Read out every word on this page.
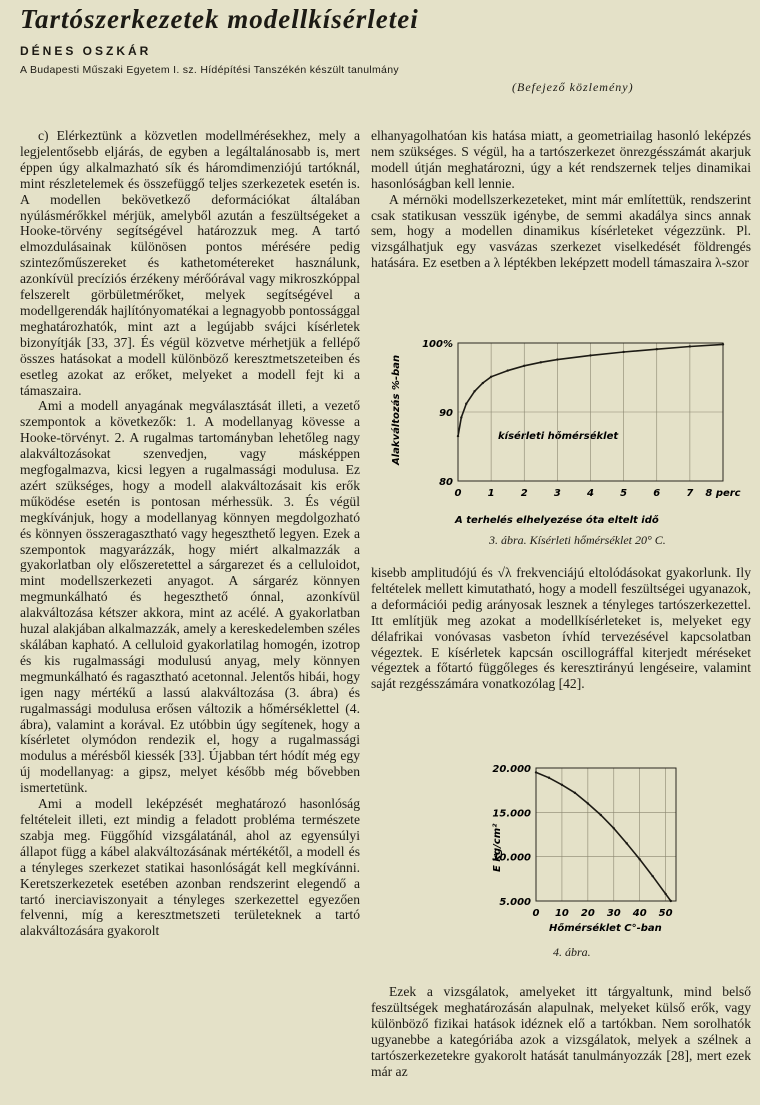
Tartószerkezetek modellkísérletei
DÉNES OSZKÁR
A Budapesti Műszaki Egyetem I. sz. Hídépítési Tanszékén készült tanulmány
(Befejező közlemény)

c) Elérkeztünk a közvetlen modellmérésekhez, mely a legjelentősebb eljárás, de egyben a legáltalánosabb is, mert éppen úgy alkalmazható sík és háromdimenziójú tartóknál, mint részletelemek és összefüggő teljes szerkezetek esetén is. A modellen bekövetkező deformációkat általában nyúlásmérőkkel mérjük, amelyből azután a feszültségeket a Hooke-törvény segítségével határozzuk meg. A tartó elmozdulásainak különösen pontos mérésére pedig szintezőműszereket és kathetométereket használunk, azonkívül precíziós érzékeny mérőórával vagy mikroszkóppal felszerelt görbületmérőket, melyek segítségével a modellgerendák hajlítónyomatékai a legnagyobb pontossággal meghatározhatók, mint azt a legújabb svájci kísérletek bizonyítják [33, 37]. És végül közvetve mérhetjük a fellépő összes hatásokat a modell különböző keresztmetszeteiben és esetleg azokat az erőket, melyeket a modell fejt ki a támaszaira.

Ami a modell anyagának megválasztását illeti, a vezető szempontok a következők: 1. A modellanyag kövesse a Hooke-törvényt. 2. A rugalmas tartományban lehetőleg nagy alakváltozásokat szenvedjen, vagy másképpen megfogalmazva, kicsi legyen a rugalmassági modulusa. Ez azért szükséges, hogy a modell alakváltozásait kis erők működése esetén is pontosan mérhessük. 3. És végül megkívánjuk, hogy a modellanyag könnyen megdolgozható és könnyen összeragasztható vagy hegeszthető legyen. Ezek a szempontok magyarázzák, hogy miért alkalmazzák a gyakorlatban oly előszeretettel a sárgarezet és a celluloidot, mint modellszerkezeti anyagot. A sárgaréz könnyen megmunkálható és hegeszthető ónnal, azonkívül alakváltozása kétszer akkora, mint az acélé. A gyakorlatban huzal alakjában alkalmazzák, amely a kereskedelemben széles skálában kapható. A celluloid gyakorlatilag homogén, izotrop és kis rugalmassági modulusú anyag, mely könnyen megmunkálható és ragasztható acetonnal. Jelentős hibái, hogy igen nagy mértékű a lassú alakváltozása (3. ábra) és rugalmassági modulusa erősen változik a hőmérséklettel (4. ábra), valamint a korával. Ez utóbbin úgy segítenek, hogy a kísérletet olymódon rendezik el, hogy a rugalmassági modulus a mérésből kiessék [33]. Újabban tért hódít még egy új modellanyag: a gipsz, melyet később még bővebben ismertetünk.

Ami a modell leképzését meghatározó hasonlóság feltételeit illeti, ezt mindig a feladott probléma természete szabja meg. Függőhíd vizsgálatánál, ahol az egyensúlyi állapot függ a kábel alakváltozásának mértékétől, a modell és a tényleges szerkezet statikai hasonlóságát kell megkívánni. Keretszerkezetek esetében azonban rendszerint elegendő a tartó inerciaviszonyait a tényleges szerkezettel egyezően felvenni, míg a keresztmetszeti területeknek a tartó alakváltozására gyakorolt

elhanyagolhatóan kis hatása miatt, a geometriailag hasonló leképzés nem szükséges. S végül, ha a tartószerkezet önrezgésszámát akarjuk modell útján meghatározni, úgy a két rendszernek teljes dinamikai hasonlóságban kell lennie.

A mérnöki modellszerkezeteket, mint már említettük, rendszerint csak statikusan vesszük igénybe, de semmi akadálya sincs annak sem, hogy a modellen dinamikus kísérleteket végezzünk. Pl. vizsgálhatjuk egy vasvázas szerkezet viselkedését földrengés hatására. Ez esetben a λ léptékben leképzett modell támaszaira λ-szor

Alakváltozás %-ban	kísérleti hőmérséklet
A terhelés elhelyezése óta eltelt idő
0	1	2	3	4	5	6	7 8 perc
80
90
100%
3. ábra. Kísérleti hőmérséklet 20° C.

kisebb amplitudójú és √λ frekvenciájú eltolódásokat gyakorlunk. Ily feltételek mellett kimutatható, hogy a modell feszültségei ugyanazok, a deformációi pedig arányosak lesznek a tényleges tartószerkezettel. Itt említjük meg azokat a modellkísérleteket is, melyeket egy délafrikai vonóvasas vasbeton ívhíd tervezésével kapcsolatban végeztek. E kísérletek kapcsán oscillográffal kiterjedt méréseket végeztek a főtartó függőleges és keresztirányú lengéseire, valamint saját rezgésszámára vonatkozólag [42].

E kg/cm²
Hőmérséklet C°-ban
0 10 20 30 40 50
5.000
10.000
15.000
20.000
4. ábra.

Ezek a vizsgálatok, amelyeket itt tárgyaltunk, mind belső feszültségek meghatározásán alapulnak, melyeket külső erők, vagy különböző fizikai hatások idéznek elő a tartókban. Nem sorolhatók ugyanebbe a kategóriába azok a vizsgálatok, melyek a szélnek a tartószerkezetekre gyakorolt hatását tanulmányozzák [28], mert ezek már az
